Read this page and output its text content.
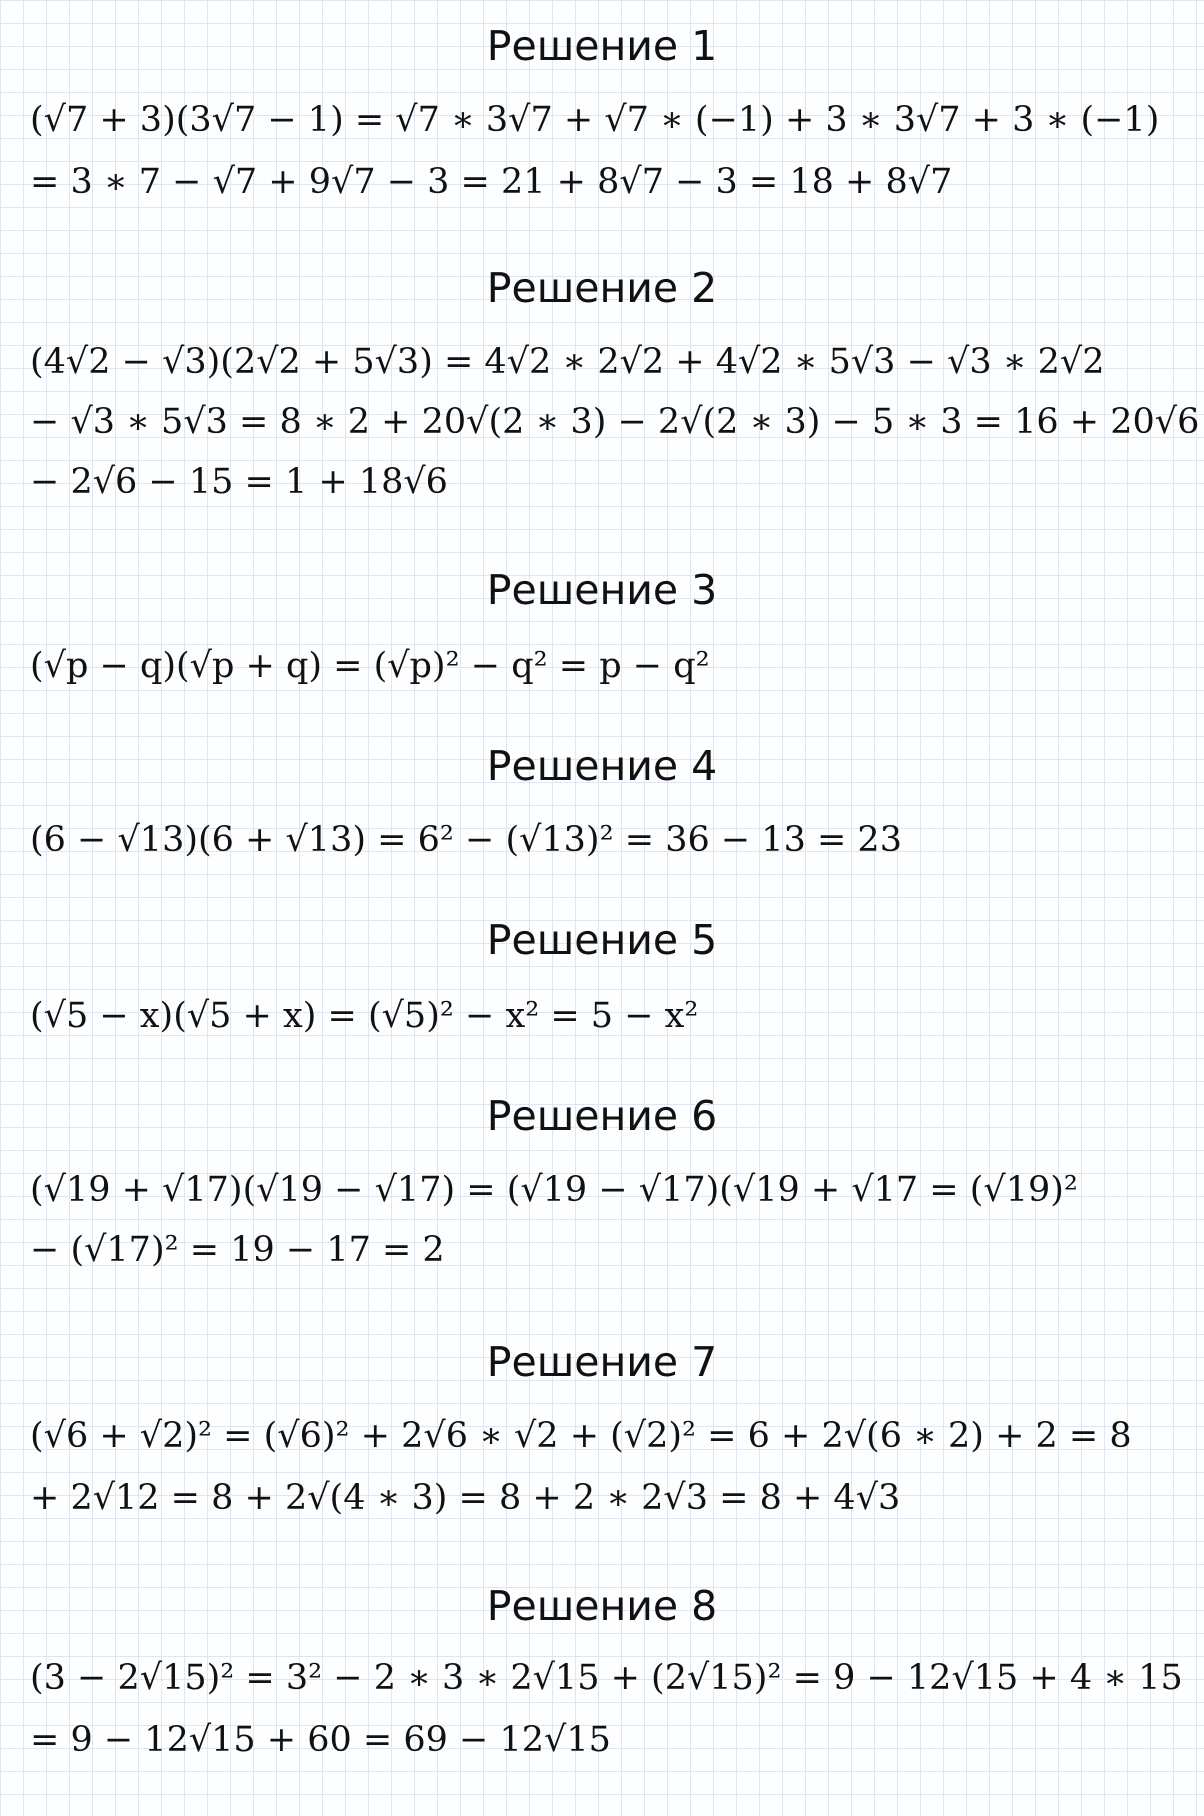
Решение 1
(√7 + 3)(3√7 − 1) = √7 ∗ 3√7 + √7 ∗ (−1) + 3 ∗ 3√7 + 3 ∗ (−1)
= 3 ∗ 7 − √7 + 9√7 − 3 = 21 + 8√7 − 3 = 18 + 8√7
Решение 2
(4√2 − √3)(2√2 + 5√3) = 4√2 ∗ 2√2 + 4√2 ∗ 5√3 − √3 ∗ 2√2
− √3 ∗ 5√3 = 8 ∗ 2 + 20√(2 ∗ 3) − 2√(2 ∗ 3) − 5 ∗ 3 = 16 + 20√6
− 2√6 − 15 = 1 + 18√6
Решение 3
(√p − q)(√p + q) = (√p)² − q² = p − q²
Решение 4
(6 − √13)(6 + √13) = 6² − (√13)² = 36 − 13 = 23
Решение 5
(√5 − x)(√5 + x) = (√5)² − x² = 5 − x²
Решение 6
(√19 + √17)(√19 − √17) = (√19 − √17)(√19 + √17 = (√19)²
− (√17)² = 19 − 17 = 2
Решение 7
(√6 + √2)² = (√6)² + 2√6 ∗ √2 + (√2)² = 6 + 2√(6 ∗ 2) + 2 = 8
+ 2√12 = 8 + 2√(4 ∗ 3) = 8 + 2 ∗ 2√3 = 8 + 4√3
Решение 8
(3 − 2√15)² = 3² − 2 ∗ 3 ∗ 2√15 + (2√15)² = 9 − 12√15 + 4 ∗ 15
= 9 − 12√15 + 60 = 69 − 12√15
